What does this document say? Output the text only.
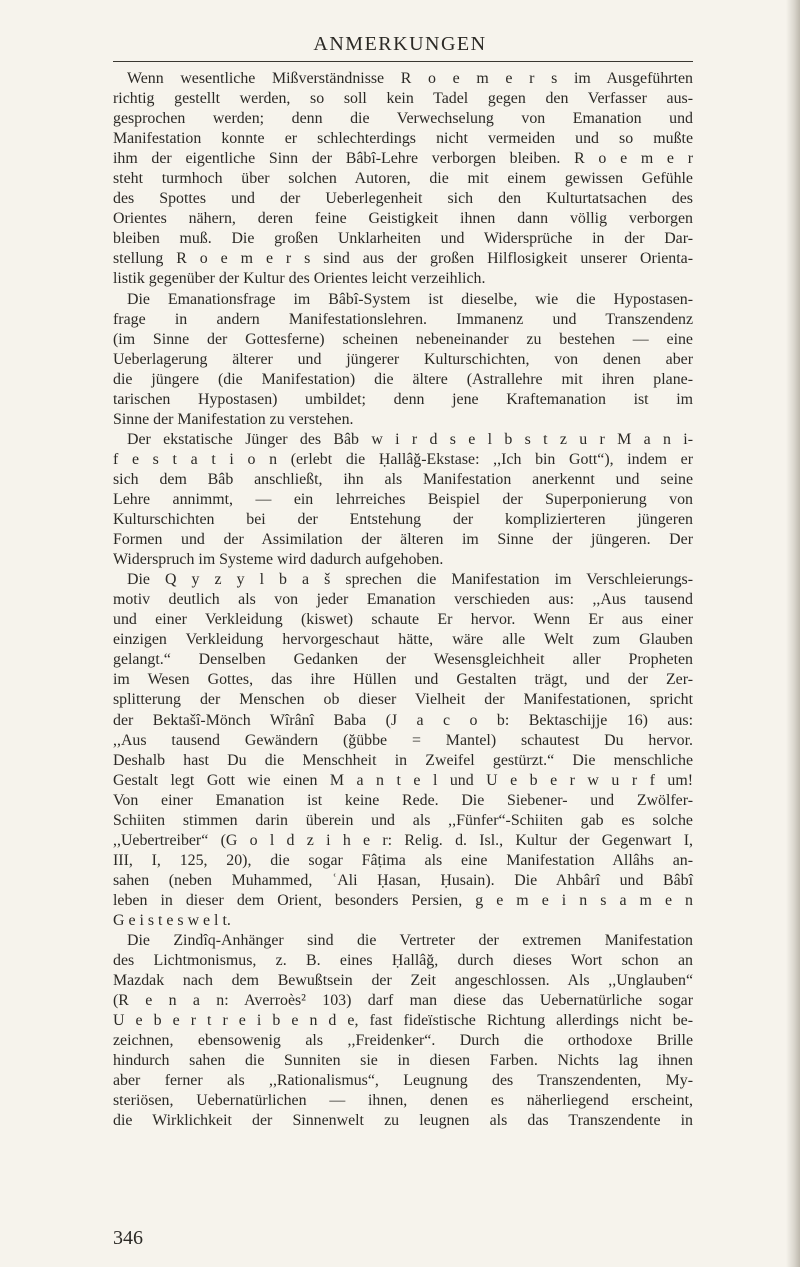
ANMERKUNGEN
Wenn wesentliche Mißverständnisse R o e m e r s im Ausgeführten
richtig gestellt werden, so soll kein Tadel gegen den Verfasser aus-
gesprochen werden; denn die Verwechselung von Emanation und
Manifestation konnte er schlechterdings nicht vermeiden und so mußte
ihm der eigentliche Sinn der Bâbî-Lehre verborgen bleiben. R o e m e r
steht turmhoch über solchen Autoren, die mit einem gewissen Gefühle
des Spottes und der Ueberlegenheit sich den Kulturtatsachen des
Orientes nähern, deren feine Geistigkeit ihnen dann völlig verborgen
bleiben muß. Die großen Unklarheiten und Widersprüche in der Dar-
stellung R o e m e r s sind aus der großen Hilflosigkeit unserer Orienta-
listik gegenüber der Kultur des Orientes leicht verzeihlich.
Die Emanationsfrage im Bâbî-System ist dieselbe, wie die Hypostasen-
frage in andern Manifestationslehren. Immanenz und Transzendenz
(im Sinne der Gottesferne) scheinen nebeneinander zu bestehen — eine
Ueberlagerung älterer und jüngerer Kulturschichten, von denen aber
die jüngere (die Manifestation) die ältere (Astrallehre mit ihren plane-
tarischen Hypostasen) umbildet; denn jene Kraftemanation ist im
Sinne der Manifestation zu verstehen.
Der ekstatische Jünger des Bâb w i r d s e l b s t z u r M a n i-
f e s t a t i o n (erlebt die Ḥallâğ-Ekstase: ,,Ich bin Gott“), indem er
sich dem Bâb anschließt, ihn als Manifestation anerkennt und seine
Lehre annimmt, — ein lehrreiches Beispiel der Superponierung von
Kulturschichten bei der Entstehung der komplizierteren jüngeren
Formen und der Assimilation der älteren im Sinne der jüngeren. Der
Widerspruch im Systeme wird dadurch aufgehoben.
Die Q y z y l b a š sprechen die Manifestation im Verschleierungs-
motiv deutlich als von jeder Emanation verschieden aus: ,,Aus tausend
und einer Verkleidung (kiswet) schaute Er hervor. Wenn Er aus einer
einzigen Verkleidung hervorgeschaut hätte, wäre alle Welt zum Glauben
gelangt.“ Denselben Gedanken der Wesensgleichheit aller Propheten
im Wesen Gottes, das ihre Hüllen und Gestalten trägt, und der Zer-
splitterung der Menschen ob dieser Vielheit der Manifestationen, spricht
der Bektašî-Mönch Wîrânî Baba (J a c o b: Bektaschijje 16) aus:
,,Aus tausend Gewändern (ğübbe = Mantel) schautest Du hervor.
Deshalb hast Du die Menschheit in Zweifel gestürzt.“ Die menschliche
Gestalt legt Gott wie einen M a n t e l und U e b e r w u r f um!
Von einer Emanation ist keine Rede. Die Siebener- und Zwölfer-
Schiiten stimmen darin überein und als ,,Fünfer“-Schiiten gab es solche
,,Uebertreiber“ (G o l d z i h e r: Relig. d. Isl., Kultur der Gegenwart I,
III, I, 125, 20), die sogar Fâṭima als eine Manifestation Allâhs an-
sahen (neben Muhammed, ʿAli Ḥasan, Ḥusain). Die Ahbârî und Bâbî
leben in dieser dem Orient, besonders Persien, g e m e i n s a m e n
G e i s t e s w e l t.
Die Zindîq-Anhänger sind die Vertreter der extremen Manifestation
des Lichtmonismus, z. B. eines Ḥallâğ, durch dieses Wort schon an
Mazdak nach dem Bewußtsein der Zeit angeschlossen. Als ,,Unglauben“
(R e n a n: Averroès² 103) darf man diese das Uebernatürliche sogar
U e b e r t r e i b e n d e, fast fideïstische Richtung allerdings nicht be-
zeichnen, ebensowenig als ,,Freidenker“. Durch die orthodoxe Brille
hindurch sahen die Sunniten sie in diesen Farben. Nichts lag ihnen
aber ferner als ,,Rationalismus“, Leugnung des Transzendenten, My-
steriösen, Uebernatürlichen — ihnen, denen es näherliegend erscheint,
die Wirklichkeit der Sinnenwelt zu leugnen als das Transzendente in
346
